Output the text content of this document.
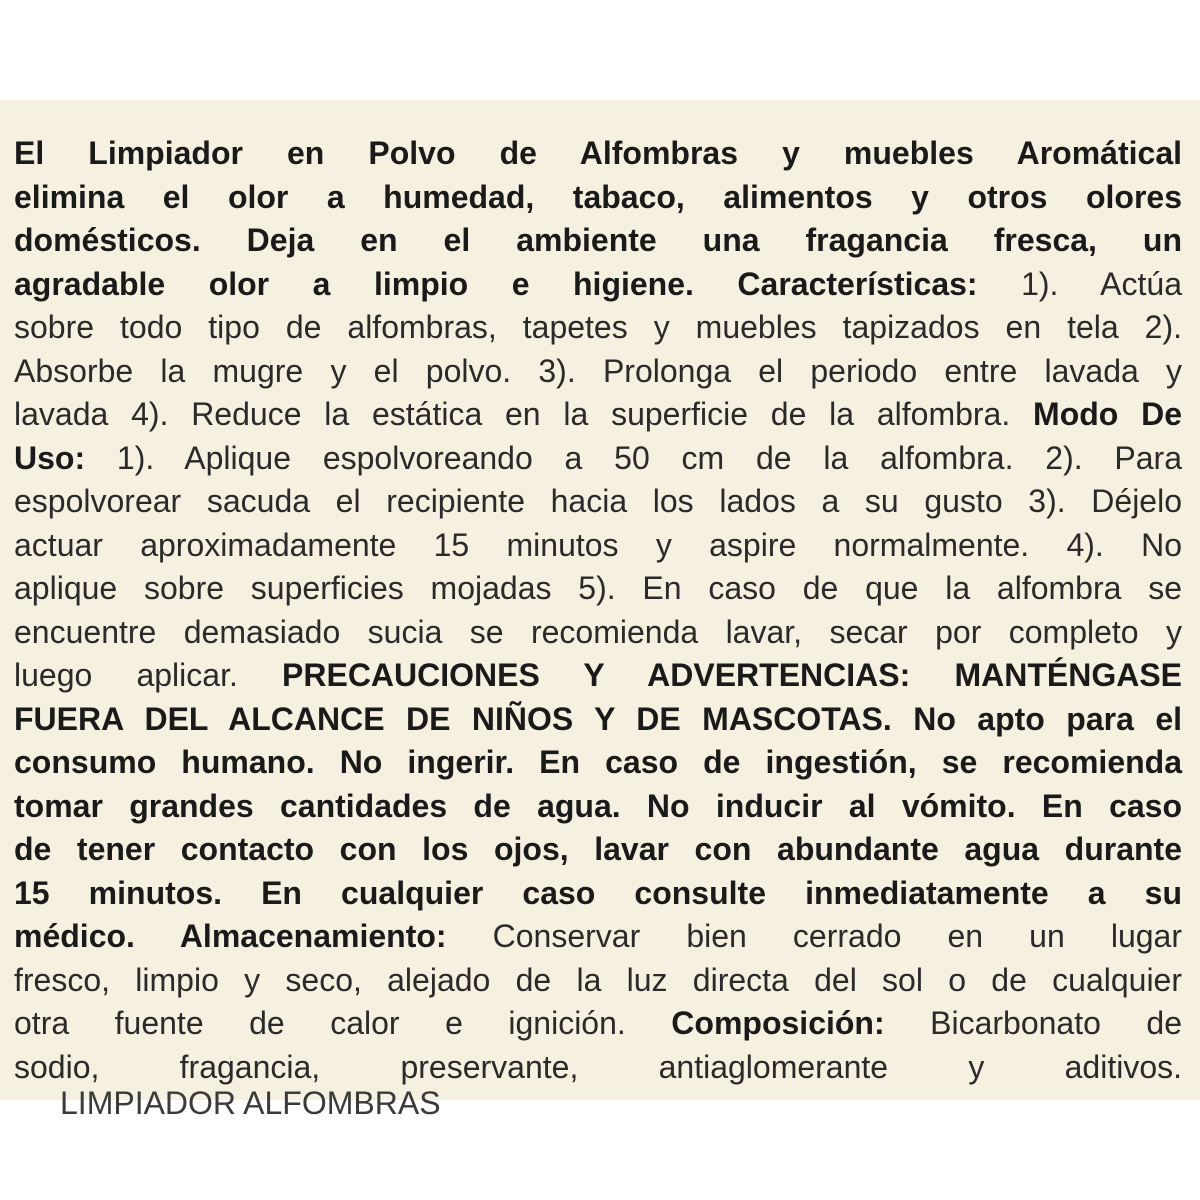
El Limpiador en Polvo de Alfombras y muebles Aromátical
elimina el olor a humedad, tabaco, alimentos y otros olores
domésticos. Deja en el ambiente una fragancia fresca, un
agradable olor a limpio e higiene. Características: 1). Actúa
sobre todo tipo de alfombras, tapetes y muebles tapizados en tela 2).
Absorbe la mugre y el polvo. 3). Prolonga el periodo entre lavada y
lavada 4). Reduce la estática en la superficie de la alfombra. Modo De
Uso: 1). Aplique espolvoreando a 50 cm de la alfombra. 2). Para
espolvorear sacuda el recipiente hacia los lados a su gusto 3). Déjelo
actuar aproximadamente 15 minutos y aspire normalmente. 4). No
aplique sobre superficies mojadas 5). En caso de que la alfombra se
encuentre demasiado sucia se recomienda lavar, secar por completo y
luego aplicar. PRECAUCIONES Y ADVERTENCIAS: MANTÉNGASE
FUERA DEL ALCANCE DE NIÑOS Y DE MASCOTAS. No apto para el
consumo humano. No ingerir. En caso de ingestión, se recomienda
tomar grandes cantidades de agua. No inducir al vómito. En caso
de tener contacto con los ojos, lavar con abundante agua durante
15 minutos. En cualquier caso consulte inmediatamente a su
médico. Almacenamiento: Conservar bien cerrado en un lugar
fresco, limpio y seco, alejado de la luz directa del sol o de cualquier
otra fuente de calor e ignición. Composición: Bicarbonato de
sodio, fragancia, preservante, antiaglomerante y aditivos.
LIMPIADOR ALFOMBRAS
